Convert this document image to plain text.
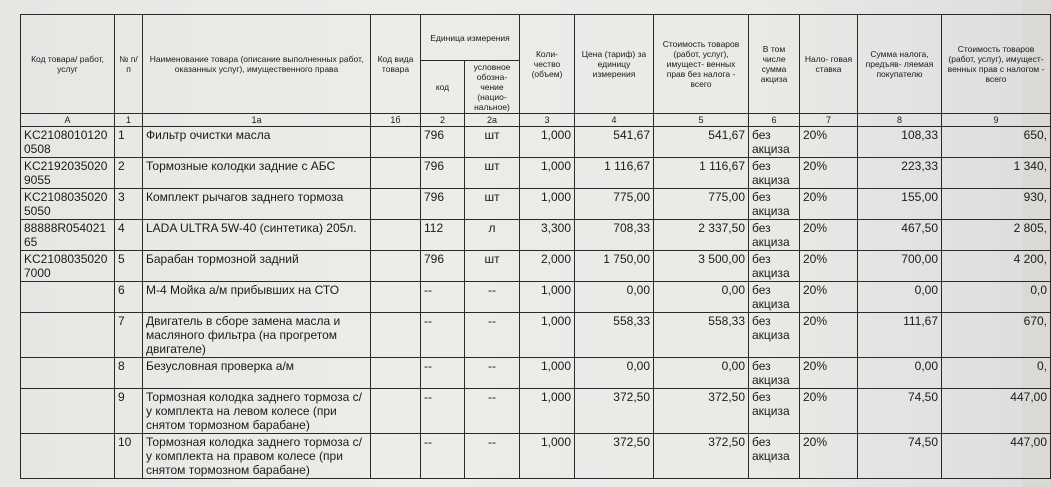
Код товара/ работ, услуг	№ п/п	Наименование товара (описание выполненных работ, оказанных услуг), имущественного права	Код вида товара	Единица измерения		Коли- чество (объем)	Цена (тариф) за единицу измерения	Стоимость товаров (работ, услуг), имущест- венных прав без налога - всего	В том числе сумма акциза	Нало- говая ставка	Сумма налога, предъяв- ляемая покупателю	Стоимость товаров (работ, услуг), имущест- венных прав с налогом - всего
				код	условное обозна- чение (нацио- нальное)							
А	1	1а	1б	2	2а	3	4	5	6	7	8	9
KC21080101200508	1	Фильтр очистки масла		796	шт	1,000	541,67	541,67	без акциза	20%	108,33	650,
KC21920350209055	2	Тормозные колодки задние с АБС		796	шт	1,000	1 116,67	1 116,67	без акциза	20%	223,33	1 340,
KC21080350205050	3	Комплект рычагов заднего тормоза		796	шт	1,000	775,00	775,00	без акциза	20%	155,00	930,
88888R05402165	4	LADA ULTRA 5W-40 (синтетика) 205л.		112	л	3,300	708,33	2 337,50	без акциза	20%	467,50	2 805,
KC21080350207000	5	Барабан тормозной задний		796	шт	2,000	1 750,00	3 500,00	без акциза	20%	700,00	4 200,
	6	М-4 Мойка а/м прибывших на СТО		--	--	1,000	0,00	0,00	без акциза	20%	0,00	0,0
	7	Двигатель в сборе замена масла и масляного фильтра (на прогретом двигателе)		--	--	1,000	558,33	558,33	без акциза	20%	111,67	670,
	8	Безусловная проверка а/м		--	--	1,000	0,00	0,00	без акциза	20%	0,00	0,
	9	Тормозная колодка заднего тормоза с/у комплекта на левом колесе (при снятом тормозном барабане)		--	--	1,000	372,50	372,50	без акциза	20%	74,50	447,00
	10	Тормозная колодка заднего тормоза с/у комплекта на правом колесе (при снятом тормозном барабане)		--	--	1,000	372,50	372,50	без акциза	20%	74,50	447,00
